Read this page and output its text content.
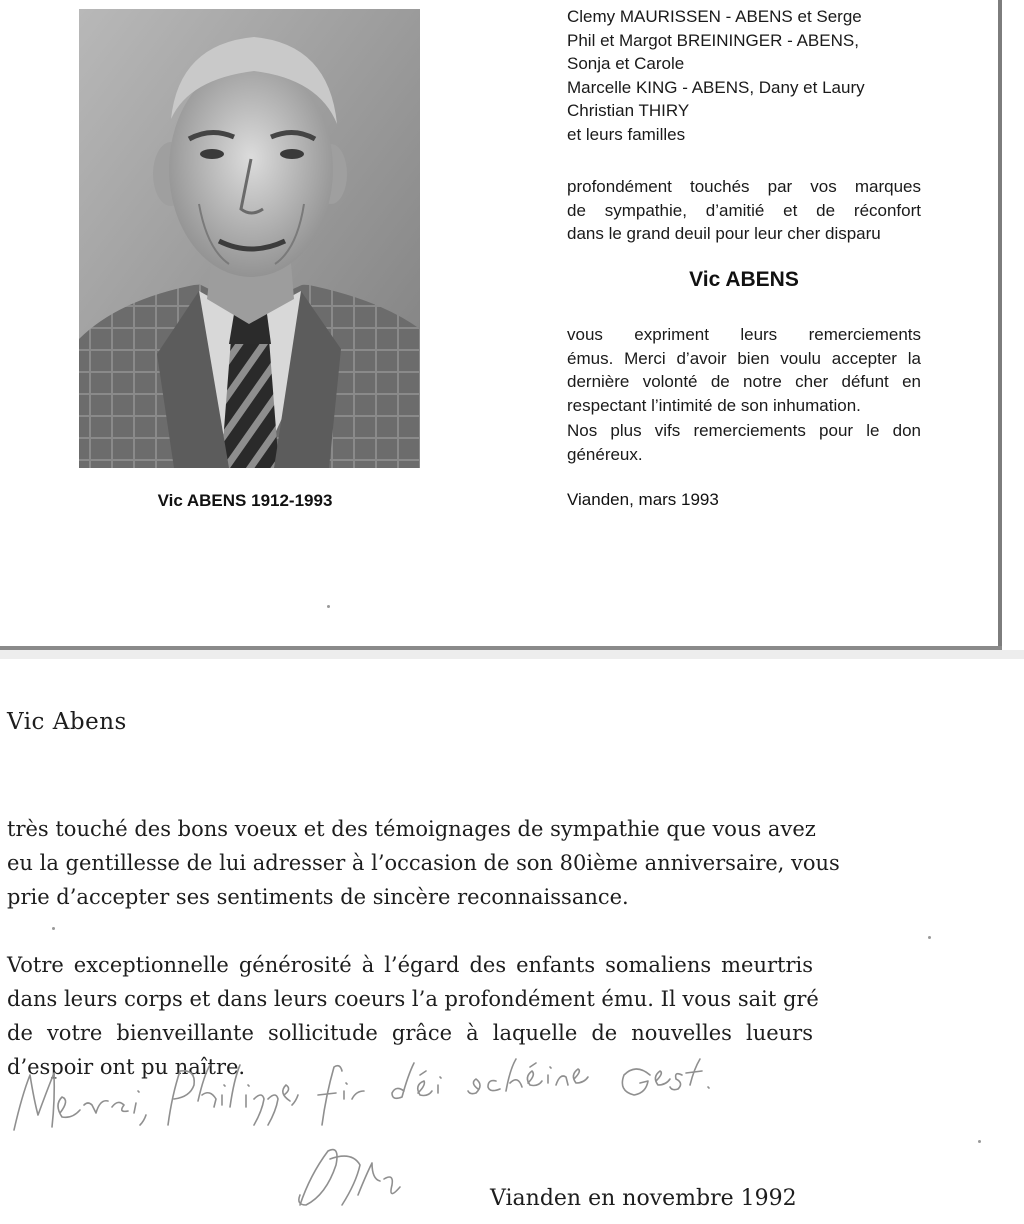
Vic ABENS 1912-1993
Clemy MAURISSEN - ABENS et Serge
Phil et Margot BREININGER - ABENS,
Sonja et Carole
Marcelle KING - ABENS, Dany et Laury
Christian THIRY
et leurs familles
profondément touchés par vos marques
de sympathie, d’amitié et de réconfort
dans le grand deuil pour leur cher disparu
Vic ABENS
vous expriment leurs remerciements
émus. Merci d’avoir bien voulu accepter la
dernière volonté de notre cher défunt en
respectant l’intimité de son inhumation.
Nos plus vifs remerciements pour le don
généreux.
Vianden, mars 1993
Vic Abens
très touché des bons voeux et des témoignages de sympathie que vous avez
eu la gentillesse de lui adresser à l’occasion de son 80ième anniversaire, vous
prie d’accepter ses sentiments de sincère reconnaissance.
Votre exceptionnelle générosité à l’égard des enfants somaliens meurtris
dans leurs corps et dans leurs coeurs l’a profondément ému. Il vous sait gré
de votre bienveillante sollicitude grâce à laquelle de nouvelles lueurs
d’espoir ont pu naître.
Vianden en novembre 1992
